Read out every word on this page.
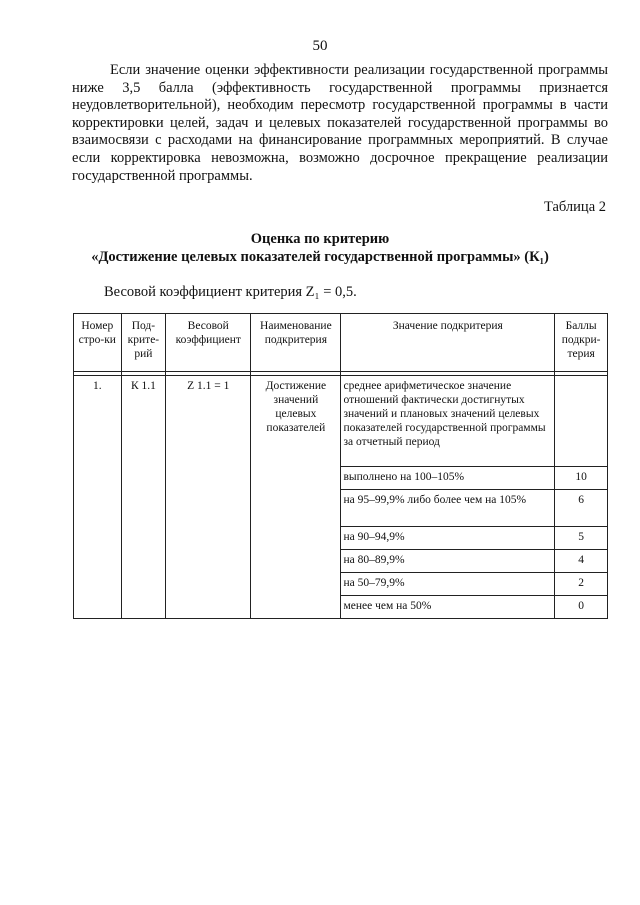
50

Если значение оценки эффективности реализации государственной программы ниже 3,5 балла (эффективность государственной программы признается неудовлетворительной), необходим пересмотр государственной программы в части корректировки целей, задач и целевых показателей государственной программы во взаимосвязи с расходами на финансирование программных мероприятий. В случае если корректировка невозможна, возможно досрочное прекращение реализации государственной программы.

Таблица 2
Оценка по критерию
«Достижение целевых показателей государственной программы» (К₁)
Весовой коэффициент критерия Z₁ = 0,5.
Номер стро-ки	Под-крите-рий	Весовой коэффициент	Наименование подкритерия	Значение подкритерия	Баллы подкри-терия

1.	К 1.1	Z 1.1 = 1	Достижение значений целевых показателей	среднее арифметическое значение отношений фактически достигнутых значений и плановых значений целевых показателей государственной программы за отчетный период	
				выполнено на 100–105%	10
				на 95–99,9% либо более чем на 105%	6
				на 90–94,9%	5
				на 80–89,9%	4
				на 50–79,9%	2
				менее чем на 50%	0
